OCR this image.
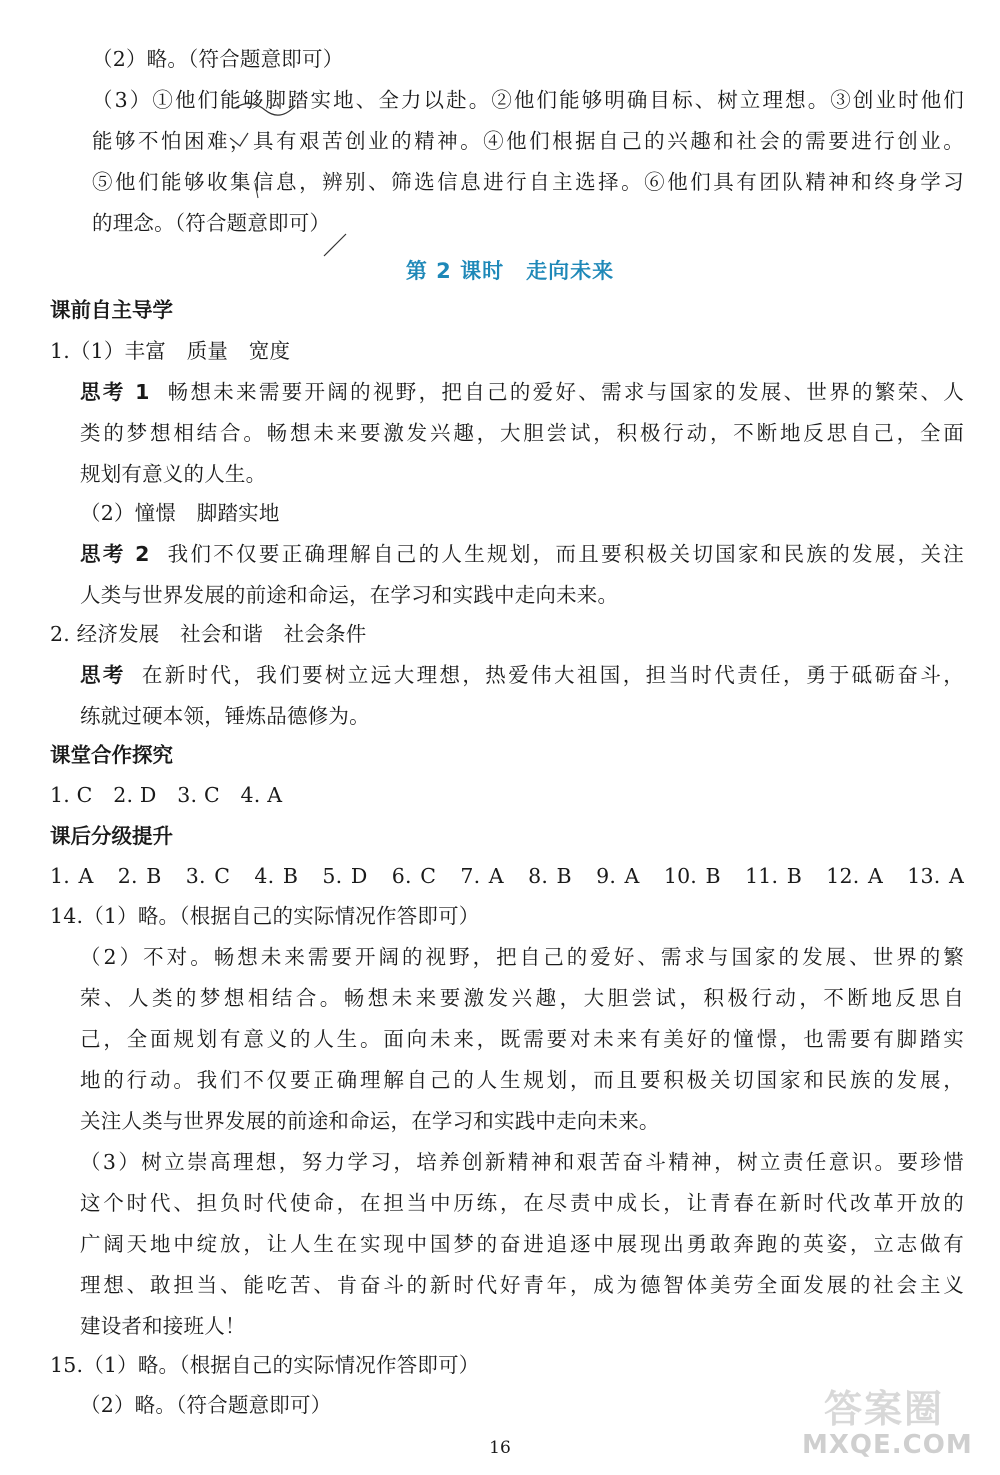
（2）略。（符合题意即可）
（3）①他们能够脚踏实地、全力以赴。②他们能够明确目标、树立理想。③创业时他们
能够不怕困难，具有艰苦创业的精神。④他们根据自己的兴趣和社会的需要进行创业。
⑤他们能够收集信息，辨别、筛选信息进行自主选择。⑥他们具有团队精神和终身学习
的理念。（符合题意即可）
第 2 课时　走向未来
课前自主导学
1.（1）丰富　质量　宽度
思考 1 畅想未来需要开阔的视野，把自己的爱好、需求与国家的发展、世界的繁荣、人
类的梦想相结合。畅想未来要激发兴趣，大胆尝试，积极行动，不断地反思自己，全面
规划有意义的人生。
（2）憧憬　脚踏实地
思考 2 我们不仅要正确理解自己的人生规划，而且要积极关切国家和民族的发展，关注
人类与世界发展的前途和命运，在学习和实践中走向未来。
2. 经济发展　社会和谐　社会条件
思考 在新时代，我们要树立远大理想，热爱伟大祖国，担当时代责任，勇于砥砺奋斗，
练就过硬本领，锤炼品德修为。
课堂合作探究
1. C　2. D　3. C　4. A
课后分级提升
1. A　2. B　3. C　4. B　5. D　6. C　7. A　8. B　9. A　10. B　11. B　12. A　13. A
14.（1）略。（根据自己的实际情况作答即可）
（2）不对。畅想未来需要开阔的视野，把自己的爱好、需求与国家的发展、世界的繁
荣、人类的梦想相结合。畅想未来要激发兴趣，大胆尝试，积极行动，不断地反思自
己，全面规划有意义的人生。面向未来，既需要对未来有美好的憧憬，也需要有脚踏实
地的行动。我们不仅要正确理解自己的人生规划，而且要积极关切国家和民族的发展，
关注人类与世界发展的前途和命运，在学习和实践中走向未来。
（3）树立崇高理想，努力学习，培养创新精神和艰苦奋斗精神，树立责任意识。要珍惜
这个时代、担负时代使命，在担当中历练，在尽责中成长，让青春在新时代改革开放的
广阔天地中绽放，让人生在实现中国梦的奋进追逐中展现出勇敢奔跑的英姿，立志做有
理想、敢担当、能吃苦、肯奋斗的新时代好青年，成为德智体美劳全面发展的社会主义
建设者和接班人！
15.（1）略。（根据自己的实际情况作答即可）
（2）略。（符合题意即可）
16
答案圈
MXQE.COM
